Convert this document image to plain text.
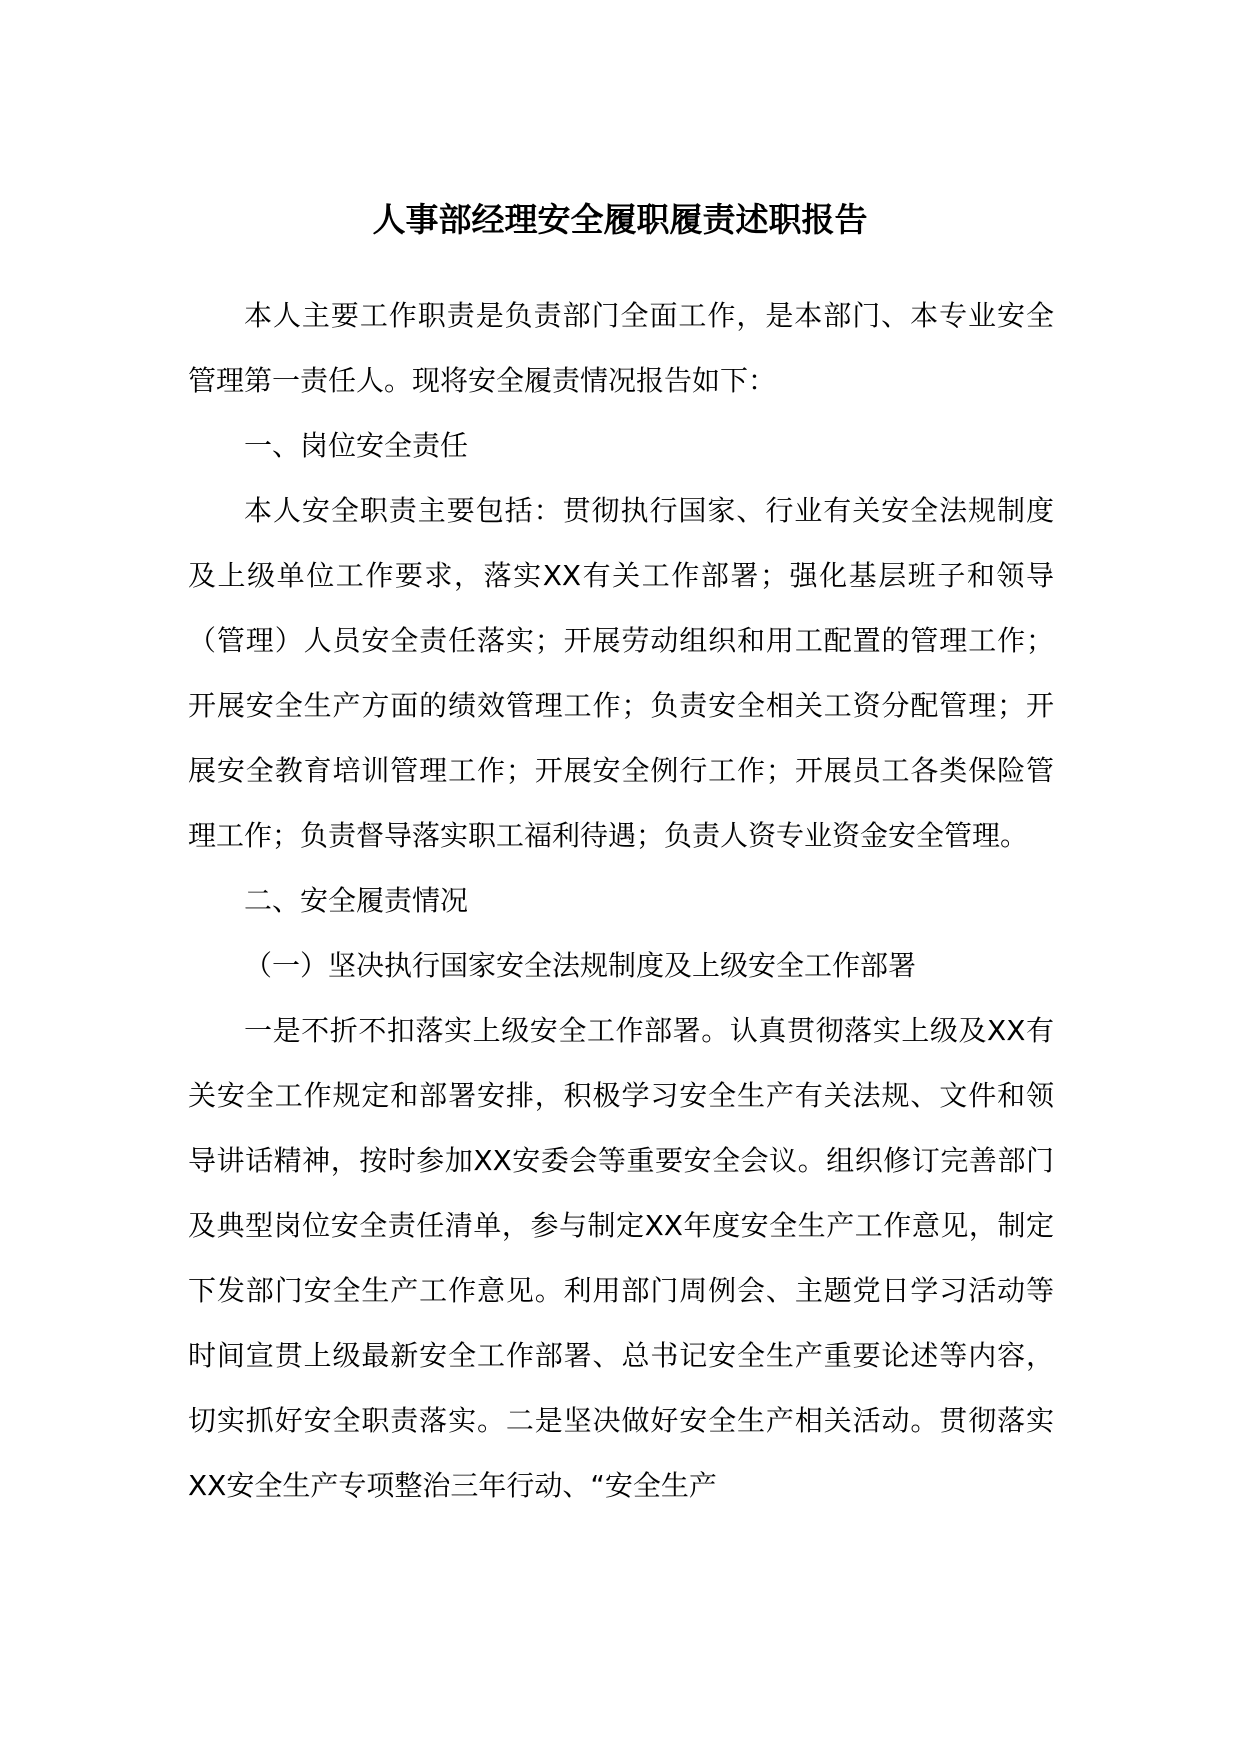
人事部经理安全履职履责述职报告

本人主要工作职责是负责部门全面工作，是本部门、本专业安全管理第一责任人。现将安全履责情况报告如下：

一、岗位安全责任

本人安全职责主要包括：贯彻执行国家、行业有关安全法规制度及上级单位工作要求，落实XX有关工作部署；强化基层班子和领导（管理）人员安全责任落实；开展劳动组织和用工配置的管理工作；开展安全生产方面的绩效管理工作；负责安全相关工资分配管理；开展安全教育培训管理工作；开展安全例行工作；开展员工各类保险管理工作；负责督导落实职工福利待遇；负责人资专业资金安全管理。

二、安全履责情况

（一）坚决执行国家安全法规制度及上级安全工作部署

一是不折不扣落实上级安全工作部署。认真贯彻落实上级及XX有关安全工作规定和部署安排，积极学习安全生产有关法规、文件和领导讲话精神，按时参加XX安委会等重要安全会议。组织修订完善部门及典型岗位安全责任清单，参与制定XX年度安全生产工作意见，制定下发部门安全生产工作意见。利用部门周例会、主题党日学习活动等时间宣贯上级最新安全工作部署、总书记安全生产重要论述等内容，切实抓好安全职责落实。二是坚决做好安全生产相关活动。贯彻落实XX安全生产专项整治三年行动、“安全生产
